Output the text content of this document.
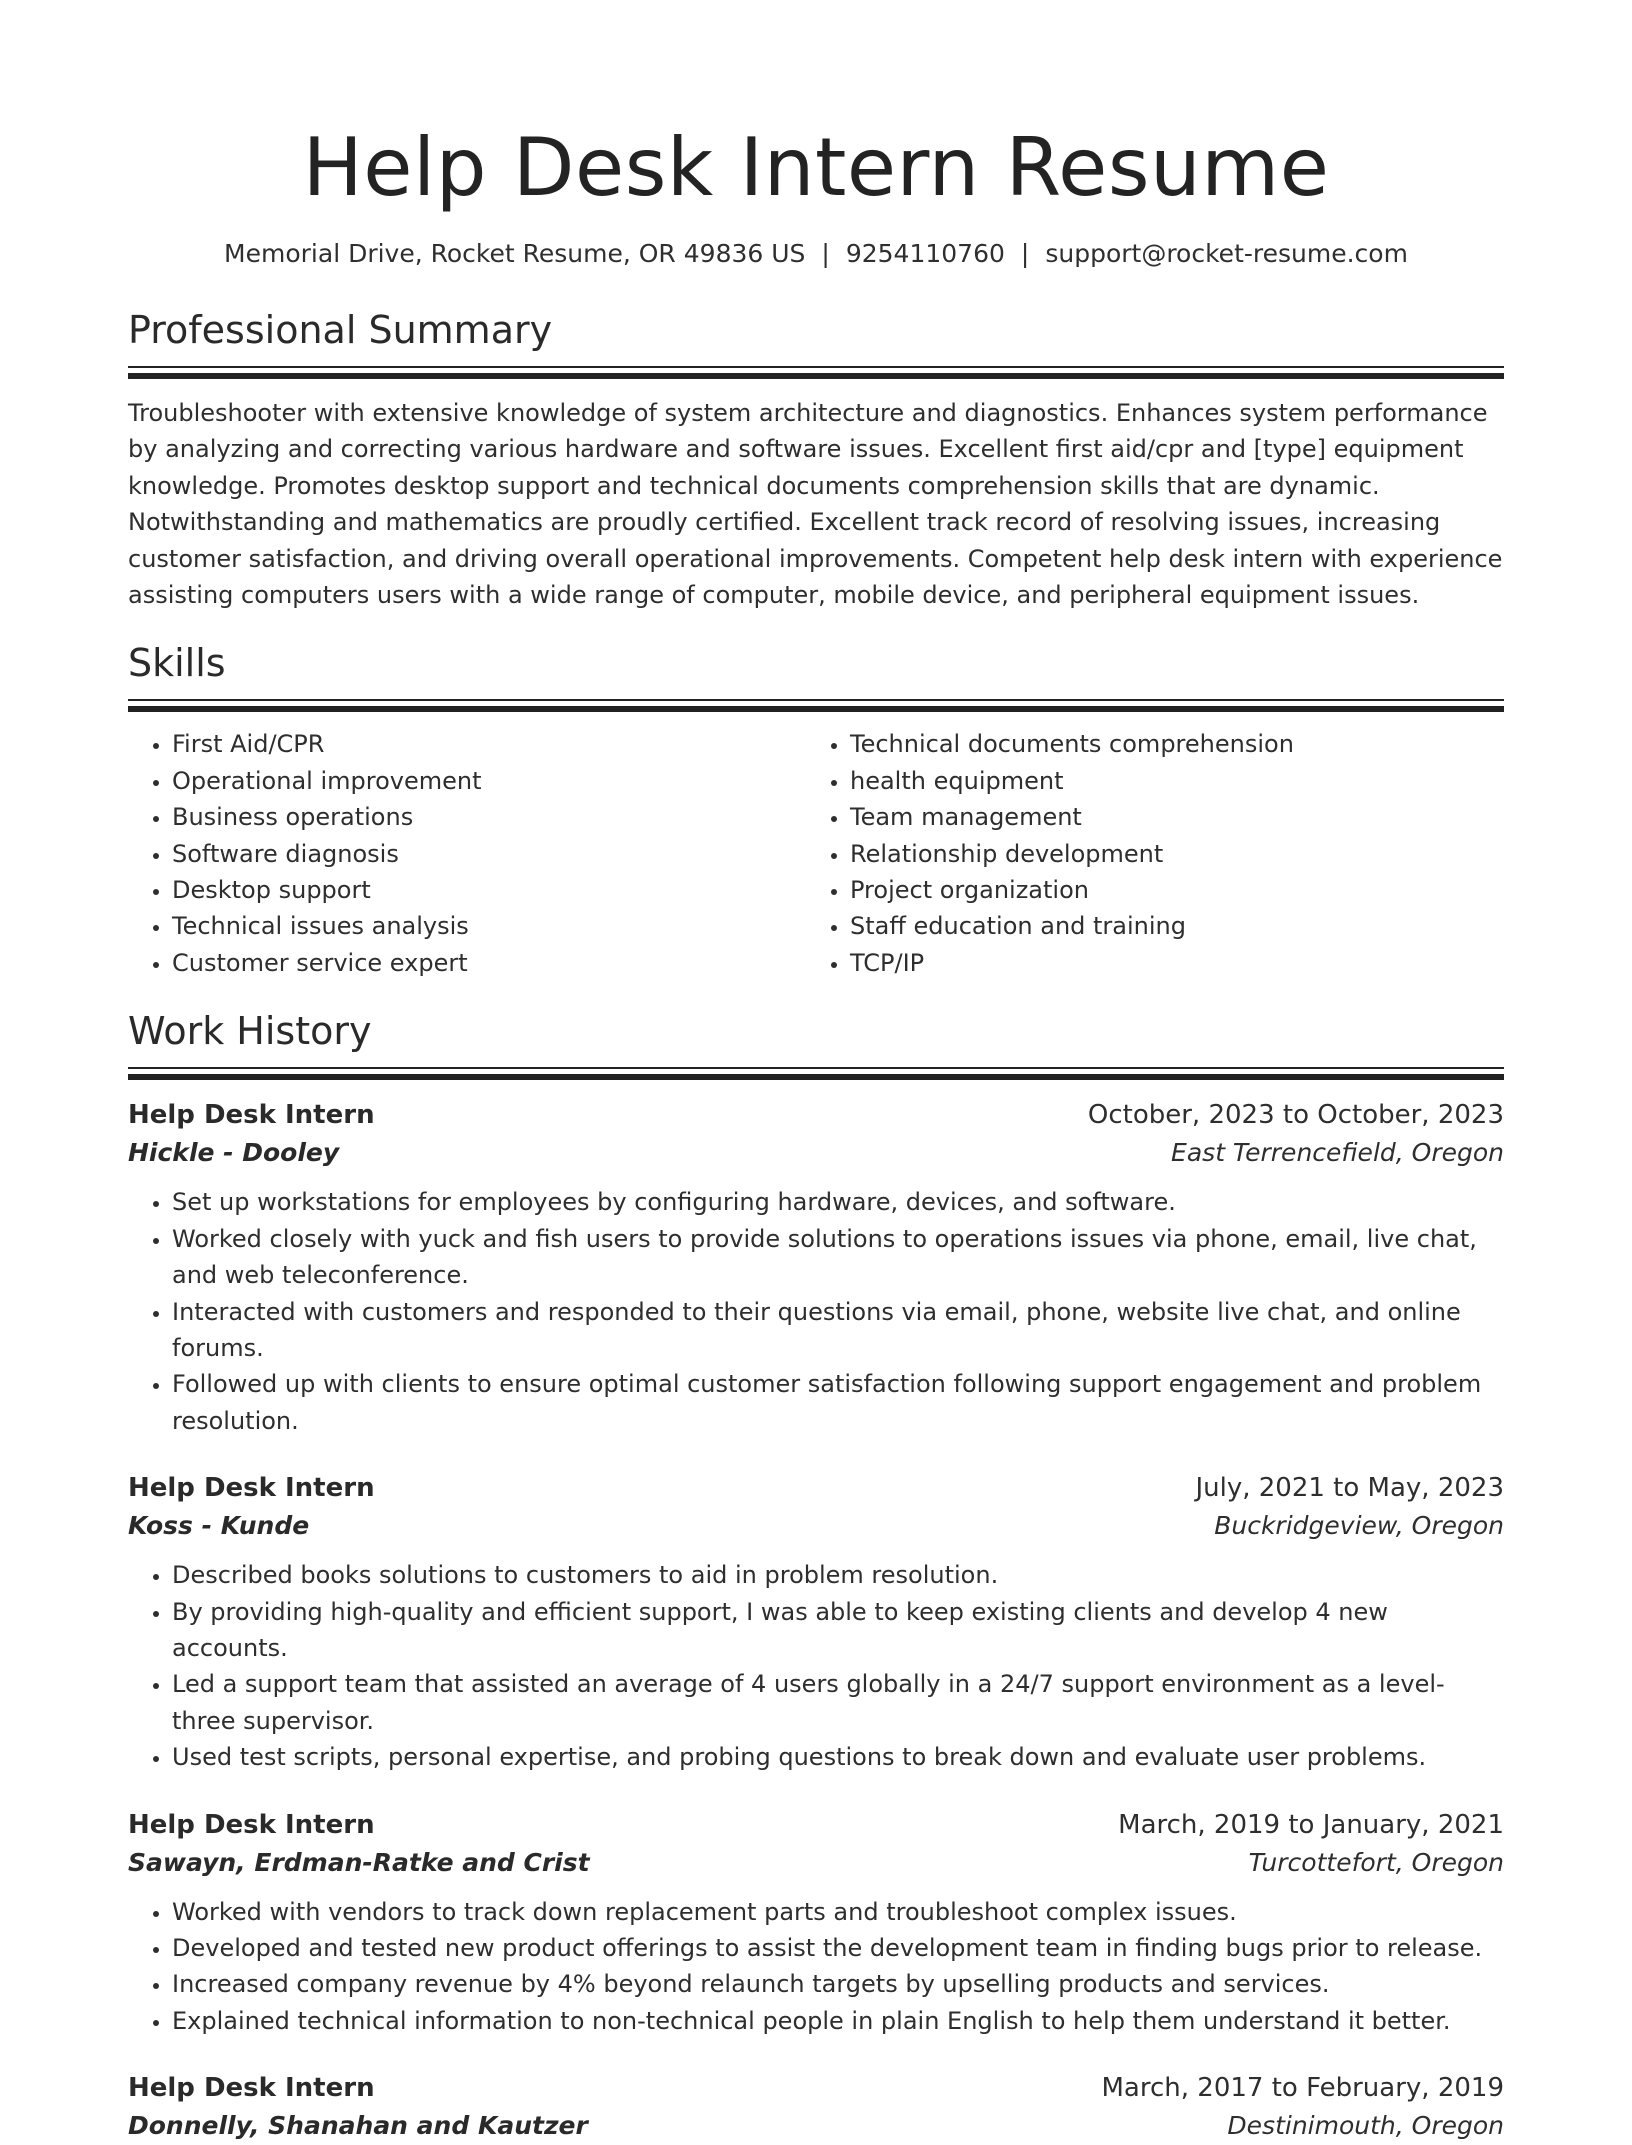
Help Desk Intern Resume
Memorial Drive, Rocket Resume, OR 49836 US | 9254110760 | support@rocket-resume.com
Professional Summary

Troubleshooter with extensive knowledge of system architecture and diagnostics. Enhances system performance by analyzing and correcting various hardware and software issues. Excellent first aid/cpr and [type] equipment knowledge. Promotes desktop support and technical documents comprehension skills that are dynamic. Notwithstanding and mathematics are proudly certified. Excellent track record of resolving issues, increasing customer satisfaction, and driving overall operational improvements. Competent help desk intern with experience assisting computers users with a wide range of computer, mobile device, and peripheral equipment issues.

Skills
• First Aid/CPR
• Operational improvement
• Business operations
• Software diagnosis
• Desktop support
• Technical issues analysis
• Customer service expert
• Technical documents comprehension
• health equipment
• Team management
• Relationship development
• Project organization
• Staff education and training
• TCP/IP
Work History
Help Desk Intern	October, 2023 to October, 2023
Hickle - Dooley	East Terrencefield, Oregon
• Set up workstations for employees by configuring hardware, devices, and software.
• Worked closely with yuck and fish users to provide solutions to operations issues via phone, email, live chat, and web teleconference.
• Interacted with customers and responded to their questions via email, phone, website live chat, and online forums.
• Followed up with clients to ensure optimal customer satisfaction following support engagement and problem resolution.
Help Desk Intern	July, 2021 to May, 2023
Koss - Kunde	Buckridgeview, Oregon
• Described books solutions to customers to aid in problem resolution.
• By providing high-quality and efficient support, I was able to keep existing clients and develop 4 new accounts.
• Led a support team that assisted an average of 4 users globally in a 24/7 support environment as a level-three supervisor.
• Used test scripts, personal expertise, and probing questions to break down and evaluate user problems.
Help Desk Intern	March, 2019 to January, 2021
Sawayn, Erdman-Ratke and Crist	Turcottefort, Oregon
• Worked with vendors to track down replacement parts and troubleshoot complex issues.
• Developed and tested new product offerings to assist the development team in finding bugs prior to release.
• Increased company revenue by 4% beyond relaunch targets by upselling products and services.
• Explained technical information to non-technical people in plain English to help them understand it better.
Help Desk Intern	March, 2017 to February, 2019
Donnelly, Shanahan and Kautzer	Destinimouth, Oregon
